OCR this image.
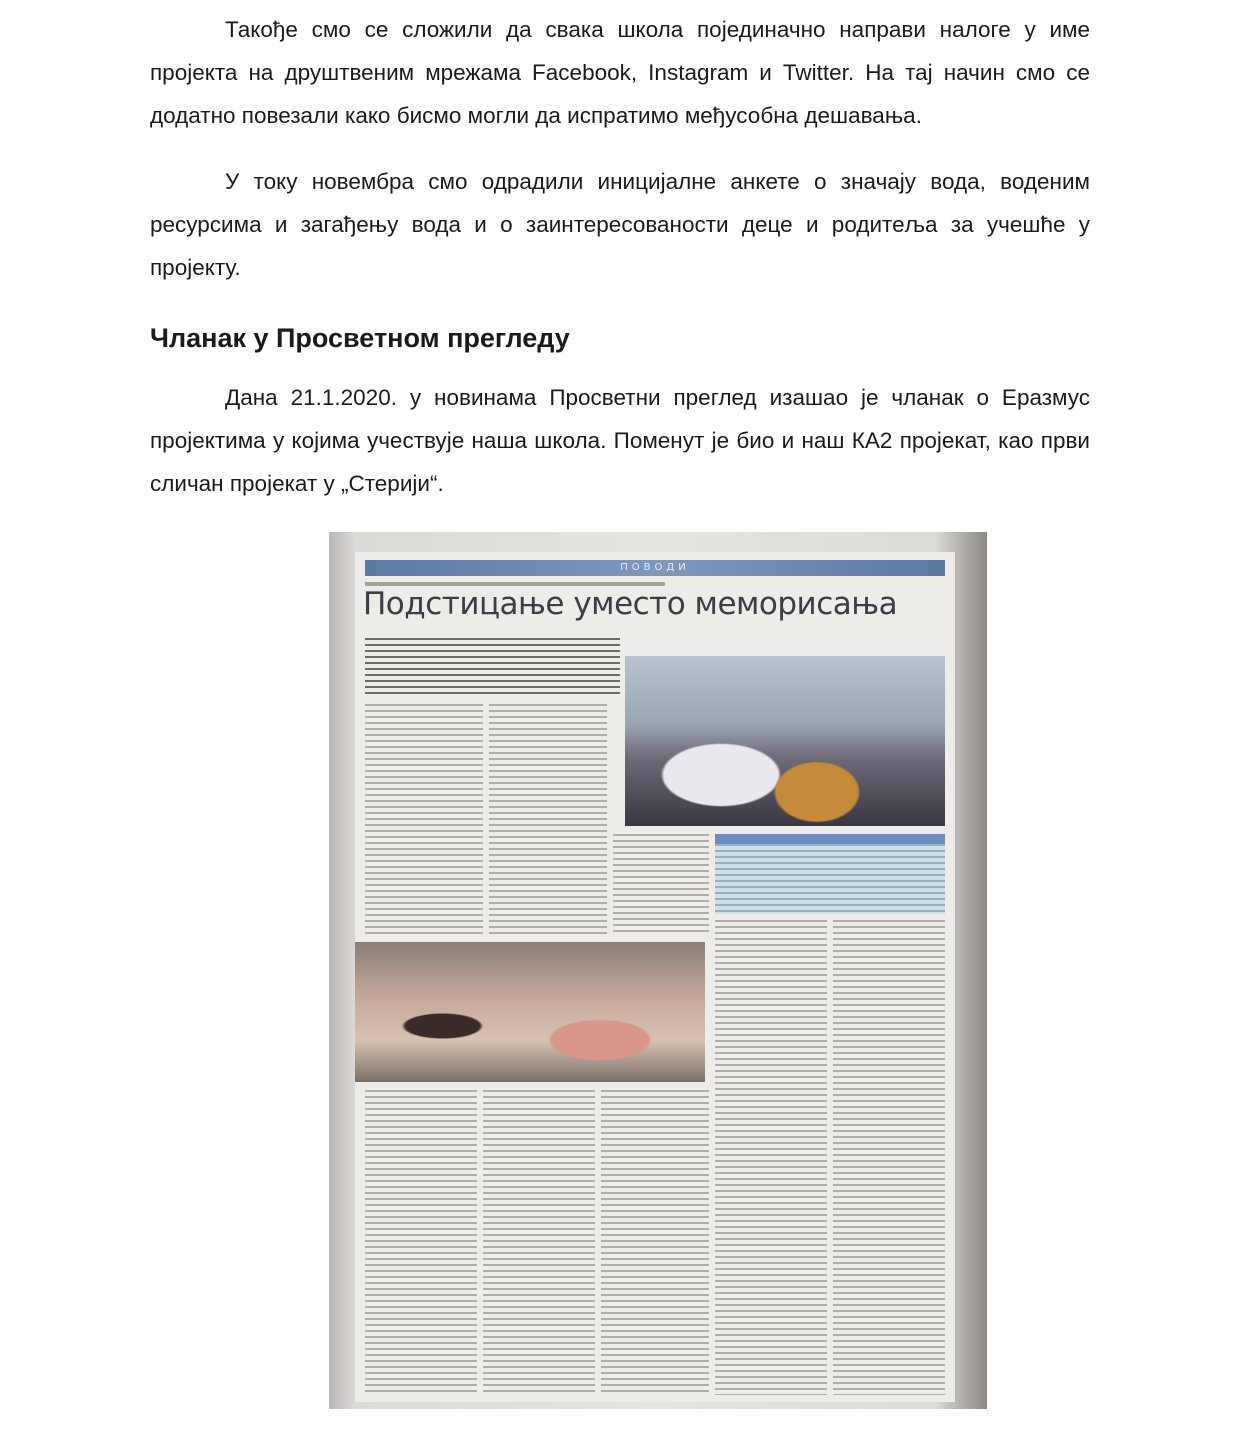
Такође смо се сложили да свака школа појединачно направи налоге у име пројекта на друштвеним мрежама Facebook, Instagram и Twitter. На тај начин смо се додатно повезали како бисмо могли да испратимо међусобна дешавања.

У току новембра смо одрадили иницијалне анкете о значају вода, воденим ресурсима и загађењу вода и о заинтересованости деце и родитеља за учешће у пројекту.

Чланак у Просветном прегледу

Дана 21.1.2020. у новинама Просветни преглед изашао је чланак о Еразмус пројектима у којима учествује наша школа. Поменут је био и наш КА2 пројекат, као први сличан пројекат у „Стерији“.

ПОВОДИ
Подстицање уместо меморисања
